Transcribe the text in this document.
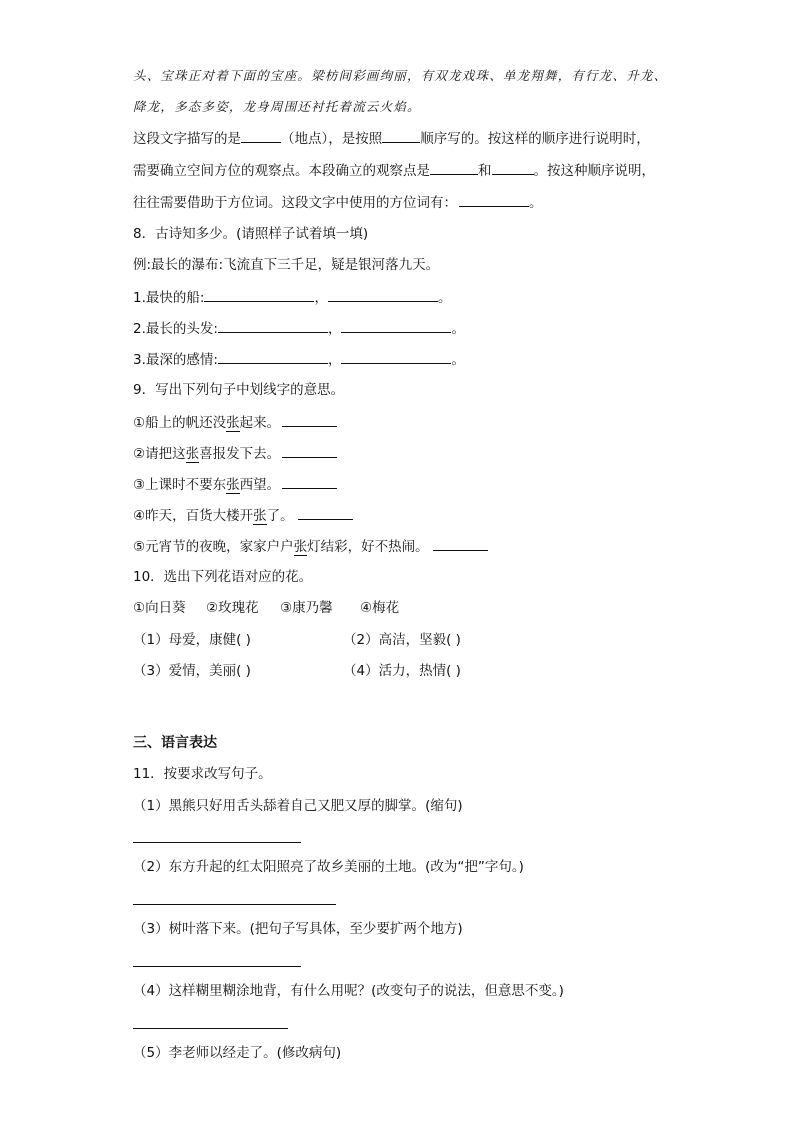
头、宝珠正对着下面的宝座。梁枋间彩画绚丽，有双龙戏珠、单龙翔舞，有行龙、升龙、
降龙，多态多姿，龙身周围还衬托着流云火焰。
这段文字描写的是	（地点），是按照	顺序写的。按这样的顺序进行说明时，
需要确立空间方位的观察点。本段确立的观察点是	和	。按这种顺序说明，
往往需要借助于方位词。这段文字中使用的方位词有：	。
8．古诗知多少。(请照样子试着填一填)
例:最长的瀑布:飞流直下三千足，疑是银河落九天。
1.最快的船:	，	。
2.最长的头发:	，	。
3.最深的感情:	，	。
9．写出下列句子中划线字的意思。
①船上的帆还没张起来。
②请把这张喜报发下去。
③上课时不要东张西望。
④昨天，百货大楼开张了。
⑤元宵节的夜晚，家家户户张灯结彩，好不热闹。
10．选出下列花语对应的花。
①向日葵 ②玫瑰花 ③康乃馨 ④梅花
（1）母爱，康健( )	（2）高洁，坚毅( )
（3）爱情，美丽( )	（4）活力，热情( )
三、语言表达
11．按要求改写句子。
（1）黑熊只好用舌头舔着自己又肥又厚的脚掌。(缩句)
（2）东方升起的红太阳照亮了故乡美丽的土地。(改为“把”字句。)
（3）树叶落下来。(把句子写具体，至少要扩两个地方)
（4）这样糊里糊涂地背，有什么用呢？(改变句子的说法，但意思不变。)
（5）李老师以经走了。(修改病句)
